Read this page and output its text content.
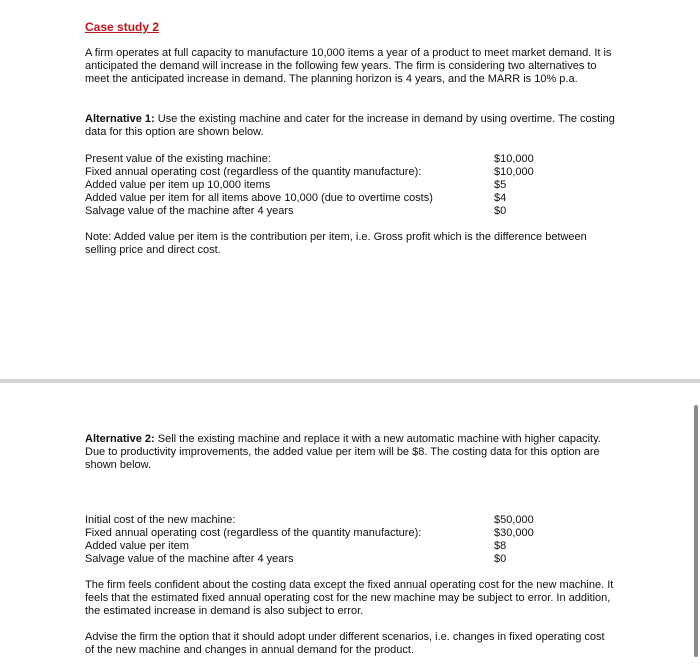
Case study 2
A firm operates at full capacity to manufacture 10,000 items a year of a product to meet market demand. It is anticipated the demand will increase in the following few years. The firm is considering two alternatives to meet the anticipated increase in demand. The planning horizon is 4 years, and the MARR is 10% p.a.
Alternative 1: Use the existing machine and cater for the increase in demand by using overtime. The costing data for this option are shown below.
Present value of the existing machine:	$10,000
Fixed annual operating cost (regardless of the quantity manufacture):	$10,000
Added value per item up 10,000 items	$5
Added value per item for all items above 10,000 (due to overtime costs)	$4
Salvage value of the machine after 4 years	$0
Note: Added value per item is the contribution per item, i.e. Gross profit which is the difference between selling price and direct cost.
Alternative 2: Sell the existing machine and replace it with a new automatic machine with higher capacity. Due to productivity improvements, the added value per item will be $8. The costing data for this option are shown below.
Initial cost of the new machine:	$50,000
Fixed annual operating cost (regardless of the quantity manufacture):	$30,000
Added value per item	$8
Salvage value of the machine after 4 years	$0
The firm feels confident about the costing data except the fixed annual operating cost for the new machine. It feels that the estimated fixed annual operating cost for the new machine may be subject to error. In addition, the estimated increase in demand is also subject to error.
Advise the firm the option that it should adopt under different scenarios, i.e. changes in fixed operating cost of the new machine and changes in annual demand for the product.
